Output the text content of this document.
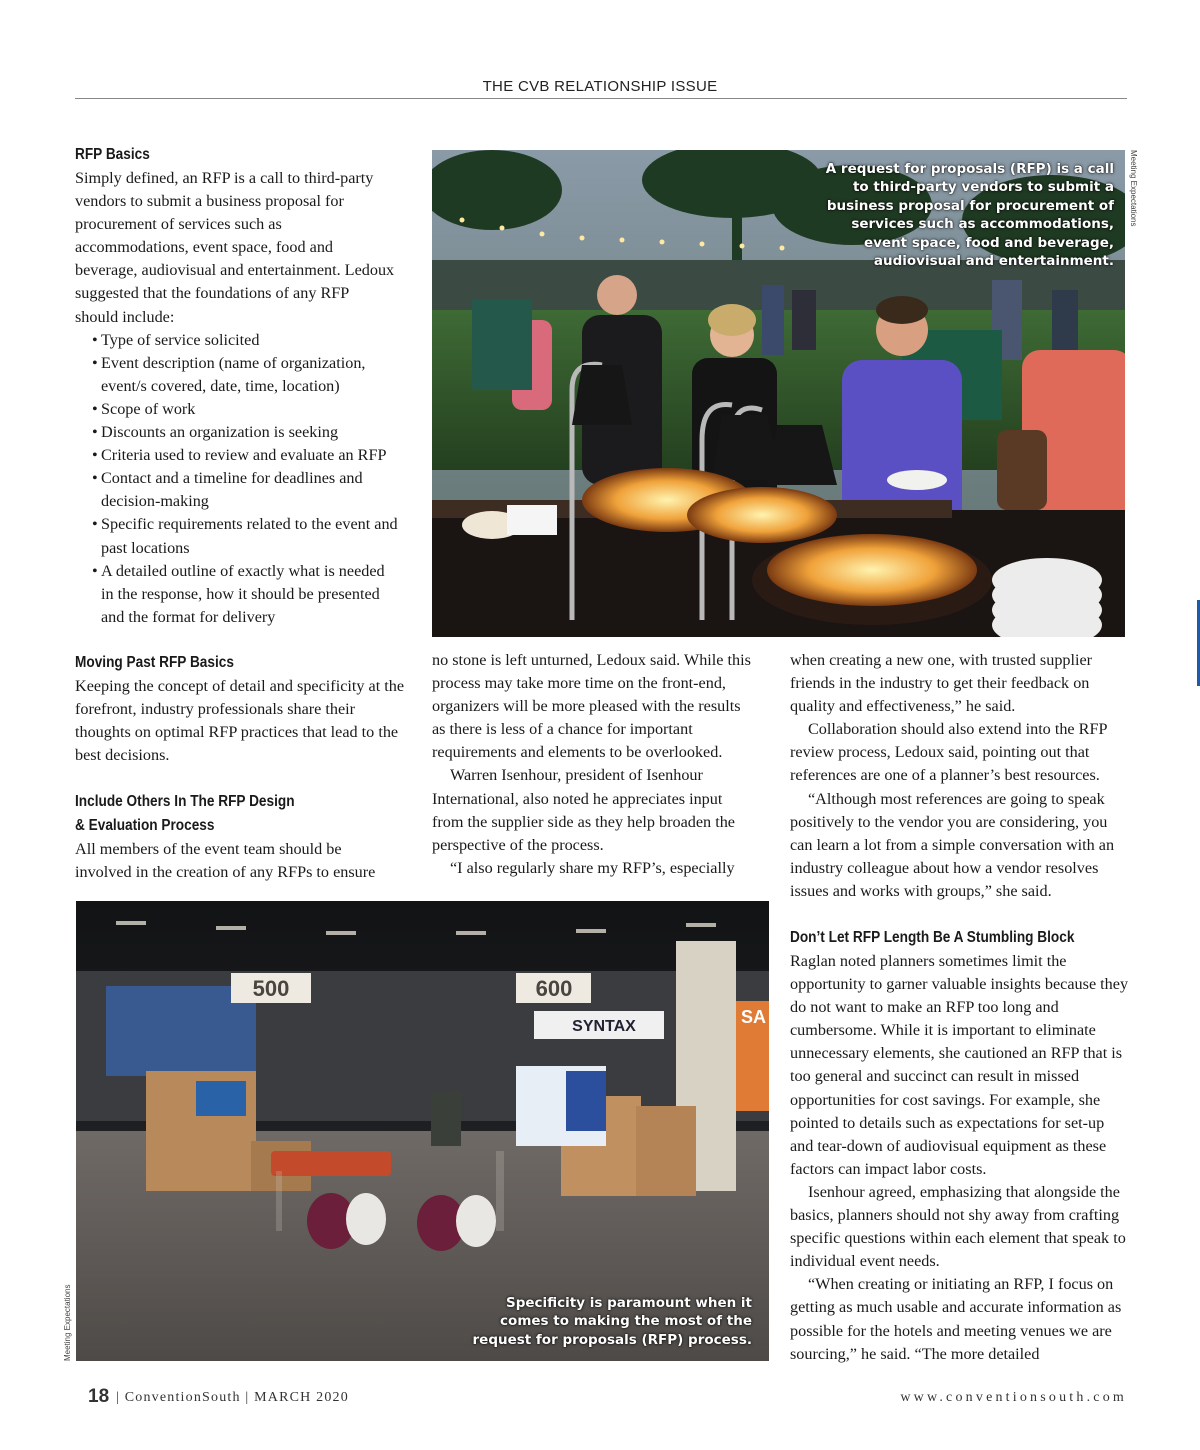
THE CVB RELATIONSHIP ISSUE
RFP Basics
Simply defined, an RFP is a call to third-party vendors to submit a business proposal for procurement of services such as accommodations, event space, food and beverage, audiovisual and entertainment. Ledoux suggested that the foundations of any RFP should include:
• Type of service solicited
• Event description (name of organization, event/s covered, date, time, location)
• Scope of work
• Discounts an organization is seeking
• Criteria used to review and evaluate an RFP
• Contact and a timeline for deadlines and decision-making
• Specific requirements related to the event and past locations
• A detailed outline of exactly what is needed in the response, how it should be presented and the format for delivery
A request for proposals (RFP) is a call to third-party vendors to submit a business proposal for procurement of services such as accommodations, event space, food and beverage, audiovisual and entertainment.
Meeting Expectations
Moving Past RFP Basics
Keeping the concept of detail and specificity at the forefront, industry professionals share their thoughts on optimal RFP practices that lead to the best decisions.
Include Others In The RFP Design
& Evaluation Process
All members of the event team should be involved in the creation of any RFPs to ensure

no stone is left unturned, Ledoux said. While this process may take more time on the front-end, organizers will be more pleased with the results as there is less of a chance for important requirements and elements to be overlooked.

Warren Isenhour, president of Isenhour International, also noted he appreciates input from the supplier side as they help broaden the perspective of the process.

“I also regularly share my RFP’s, especially

when creating a new one, with trusted supplier friends in the industry to get their feedback on quality and effectiveness,” he said.

Collaboration should also extend into the RFP review process, Ledoux said, pointing out that references are one of a planner’s best resources.

“Although most references are going to speak positively to the vendor you are considering, you can learn a lot from a simple conversation with an industry colleague about how a vendor resolves issues and works with groups,” she said.

Don’t Let RFP Length Be A Stumbling Block

Raglan noted planners sometimes limit the opportunity to garner valuable insights because they do not want to make an RFP too long and cumbersome. While it is important to eliminate unnecessary elements, she cautioned an RFP that is too general and succinct can result in missed opportunities for cost savings. For example, she pointed to details such as expectations for set-up and tear-down of audiovisual equipment as these factors can impact labor costs.

Isenhour agreed, emphasizing that alongside the basics, planners should not shy away from crafting specific questions within each element that speak to individual event needs.

“When creating or initiating an RFP, I focus on getting as much usable and accurate information as possible for the hotels and meeting venues we are sourcing,” he said. “The more detailed

500	600
SYNTAX	SA
Specificity is paramount when it comes to making the most of the request for proposals (RFP) process.
Meeting Expectations
18 | ConventionSouth | MARCH 2020	www.conventionsouth.com
